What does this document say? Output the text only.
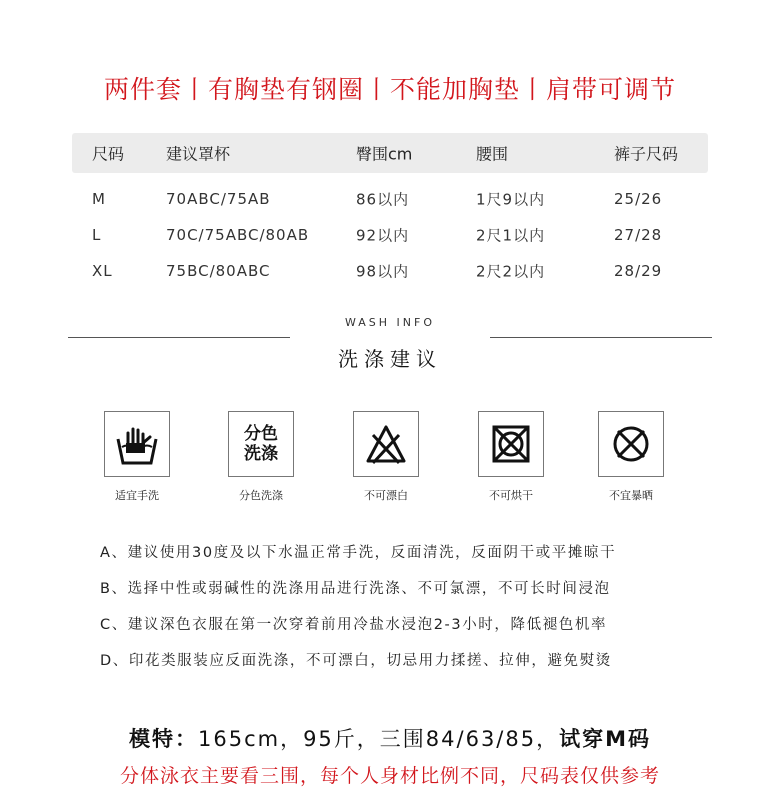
两件套丨有胸垫有钢圈丨不能加胸垫丨肩带可调节
尺码	建议罩杯	臀围cm	腰围	裤子尺码
M	70ABC/75AB	86以内	1尺9以内	25/26
L	70C/75ABC/80AB	92以内	2尺1以内	27/28
XL	75BC/80ABC	98以内	2尺2以内	28/29
WASH INFO
洗涤建议
适宜手洗
分色
洗涤
分色洗涤	不可漂白	不可烘干	不宜暴晒
A、建议使用30度及以下水温正常手洗，反面清洗，反面阴干或平摊晾干
B、选择中性或弱碱性的洗涤用品进行洗涤、不可氯漂，不可长时间浸泡
C、建议深色衣服在第一次穿着前用冷盐水浸泡2-3小时，降低褪色机率
D、印花类服装应反面洗涤，不可漂白，切忌用力揉搓、拉伸，避免熨烫
模特：165cm，95斤，三围84/63/85，试穿M码
分体泳衣主要看三围，每个人身材比例不同，尺码表仅供参考
